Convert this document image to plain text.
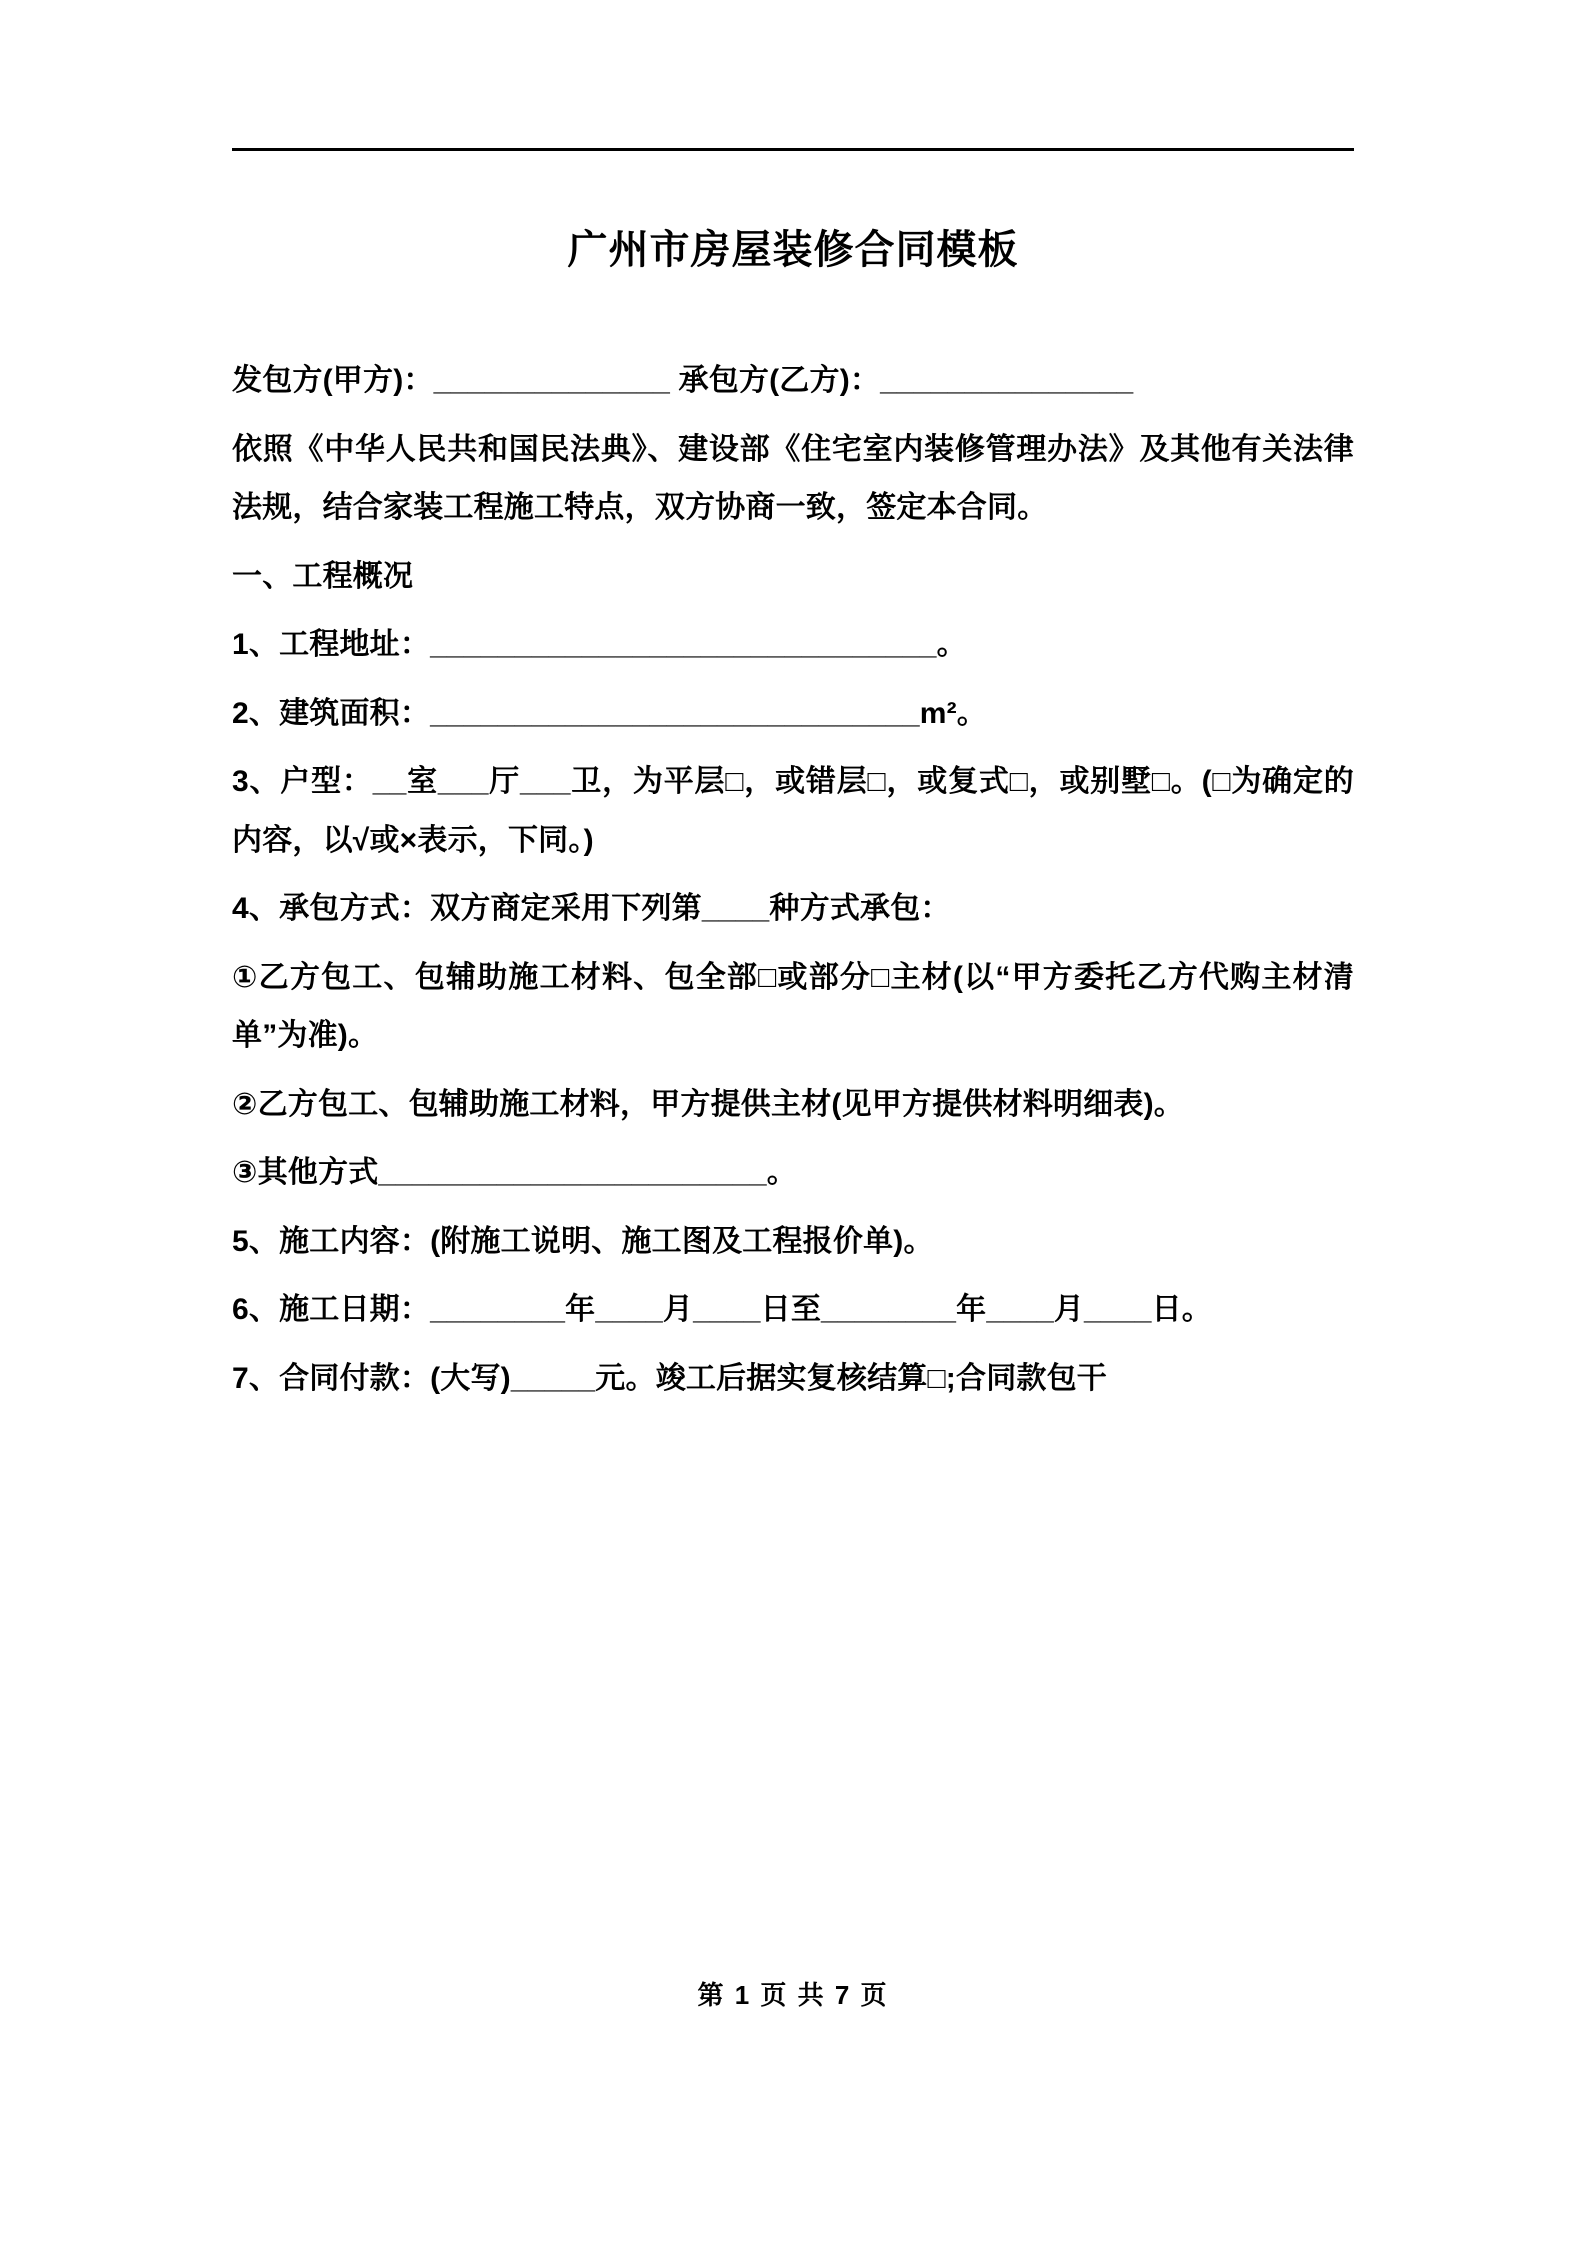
广州市房屋装修合同模板

发包方(甲方)：______________ 承包方(乙方)：_______________

依照《中华人民共和国民法典》、建设部《住宅室内装修管理办法》及其他有关法律法规，结合家装工程施工特点，双方协商一致，签定本合同。

一、工程概况

1、工程地址：______________________________。

2、建筑面积：_____________________________m²。

3、户型：__室___厅___卫，为平层□，或错层□，或复式□，或别墅□。(□为确定的内容，以√或×表示，下同。)

4、承包方式：双方商定采用下列第____种方式承包：

①乙方包工、包辅助施工材料、包全部□或部分□主材(以“甲方委托乙方代购主材清单”为准)。

②乙方包工、包辅助施工材料，甲方提供主材(见甲方提供材料明细表)。

③其他方式_______________________。

5、施工内容：(附施工说明、施工图及工程报价单)。

6、施工日期：________年____月____日至________年____月____日。

7、合同付款：(大写)_____元。竣工后据实复核结算□;合同款包干

第 1 页 共 7 页
